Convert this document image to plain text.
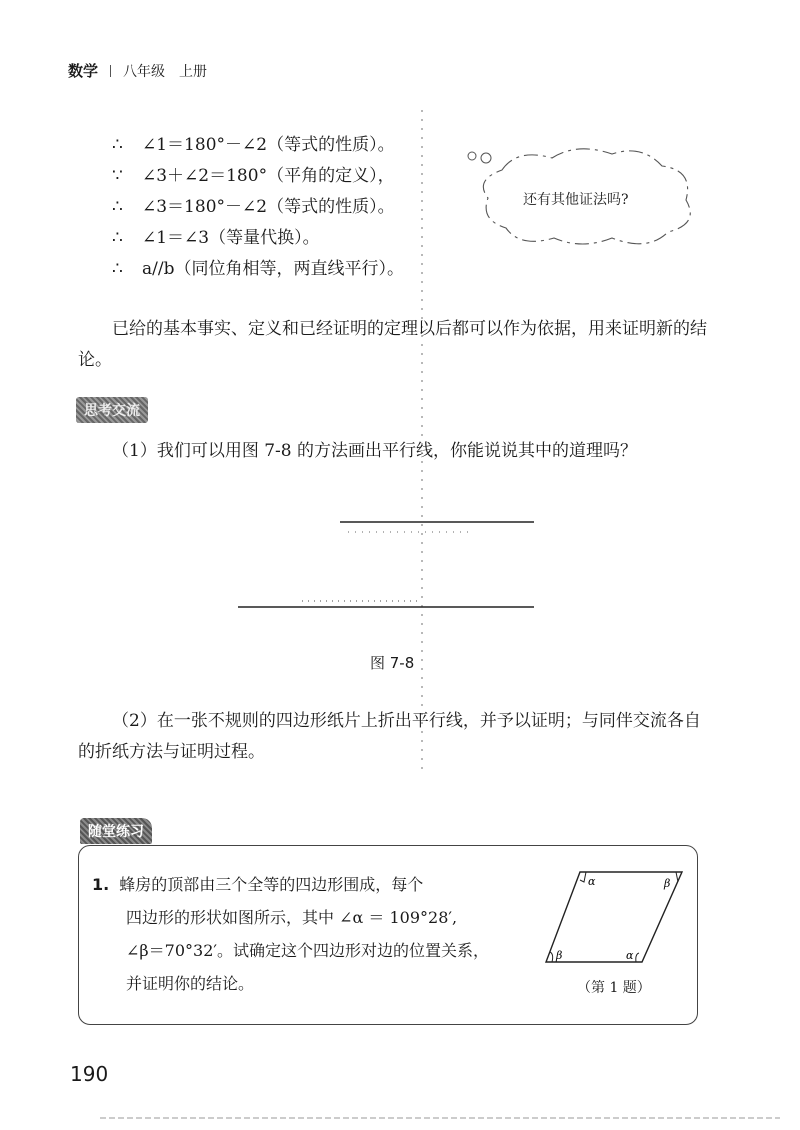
数学 八年级　上册
∴ ∠1＝180°－∠2（等式的性质）。
∵ ∠3＋∠2＝180°（平角的定义），
∴ ∠3＝180°－∠2（等式的性质）。
∴ ∠1＝∠3（等量代换）。
∴ a//b（同位角相等，两直线平行）。
还有其他证法吗?
已给的基本事实、定义和已经证明的定理以后都可以作为依据，用来证明新的结论。
思考交流
（1）我们可以用图 7-8 的方法画出平行线，你能说说其中的道理吗？
图 7-8
（2）在一张不规则的四边形纸片上折出平行线，并予以证明；与同伴交流各自的折纸方法与证明过程。
随堂练习
1. 蜂房的顶部由三个全等的四边形围成，每个
四边形的形状如图所示，其中 ∠α ＝ 109°28′,
∠β＝70°32′。试确定这个四边形对边的位置关系，
并证明你的结论。
α	β
β	α
（第 1 题）
190
